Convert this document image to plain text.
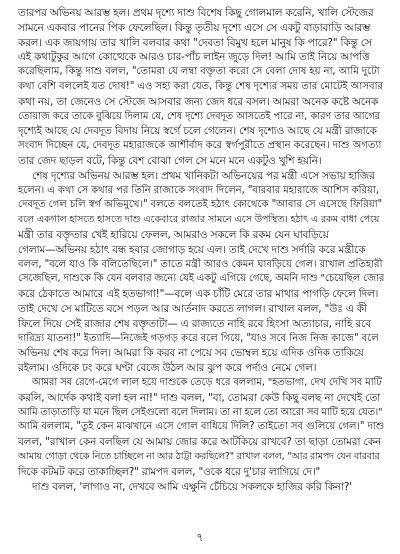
তারপর অভিনয় আরম্ভ হল। প্রথম দৃশ্যে দাশু বিশেষ কিছু গোলমাল করেনি, খালি স্টেজের
সামনে একবার পানের পিক ফেলেছিল। কিন্তু তৃতীয় দৃশ্যে এসে সে একটু বাড়াবাড়ি আরম্ভ
করল। এক জায়গায় তার খালি বলবার কথা "দেবতা বিমুখ হলে মানুষ কি পারে?" কিন্তু সে
এই কথাটুকুর আগে কোত্থেকে আরও চার-পাঁচ লাইন জুড়ে দিল! আমি তাই নিয়ে আপত্তি
করেছিলাম, কিন্তু দাশু বলল, "তোমরা যে লম্বা বক্তৃতা করো সে বেলা দোষ হয় না, আমি দুটো
কথা বেশি বললেই যত দোষ!" এও সহ্য করা যেত, কিন্তু শেষ দৃশ্যের সময় তার মোটেই আসবার
কথা নয়, তা জেনেও সে স্টেজে আসবার জন্য জেদ ধরে বসল। আমরা অনেক কষ্টে অনেক
তোয়াজ করে তাকে বুঝিয়ে দিলাম যে, শেষ দৃশ্যে দেবদূত আসতেই পারে না, কারণ তার আগের
দৃশ্যেই আছে যে দেবদূত বিদায় নিয়ে স্বর্গে চলে গেলেন। শেষ দৃশ্যেও আছে যে মন্ত্রী রাজাকে
সংবাদ দিচ্ছেন যে, দেবদূত মহারাজকে আশীর্বাদ করে স্বর্গপুরীতে প্রস্থান করেছেন। দাশু অগত্যা
তার জেদ ছাড়ল বটে, কিন্তু বেশ বোঝা গেল সে মনে মনে একটুও খুশি হয়নি।
শেষ দৃশ্যের অভিনয় আরম্ভ হল। প্রথম খানিকটা অভিনয়ের পর মন্ত্রী এসে সভায় হাজির
হলেন। এ কথা সে কথার পর তিনি রাজাকে সংবাদ দিলেন, "বারবার মহারাজে আশিস করিয়া,
দেবদূত গেল চলি স্বর্গ অভিমুখে।" বলতে বলতেই হঠাৎ কোথেকে "আবার সে এসেছে ফিরিয়া"
বলে একগাল হাসতে হাসতে দাশু একেবারে রাজার সামনে এসে উপস্থিত। হঠাৎ এ রকম বাধা পেয়ে
মন্ত্রী তার বক্তৃতার খেই হারিয়ে ফেলল, আমরাও সকলে কি রকম যেন ঘাবড়িয়ে
গেলাম—অভিনয় হঠাৎ বন্ধ হবার জোগাড় হয়ে এল। তাই দেখে দাশু সর্দারি করে মন্ত্রীকে
বলল, "বলে যাও কি বলিতেছিলে।" তাতে মন্ত্রী আরও কেমন ঘাবড়িয়ে গেল। রাখাল প্রতিহারী
সেজেছিল, দাশুকে কি যেন বলবার জন্যে যেই একটু এগিয়ে গেছে, অমনি দাশু "চেয়েছিল জোর
করে ঠেকাতে আমারে এই হতভাগা!"—বলে এক চাঁটি মেরে তার মাথার পাগড়ি ফেলে দিল।
তাই দেখে সে মাটিতে বসে পড়ল আর আর্তনাদ করতে লাগল। রাখাল বলল, "উঃ এ কী
ফিলে দিয়ে সেই রাজার শেষ বক্তৃতাটা— এ রাজ্যতে নাহি রবে হিংসা অত্যাচার, নাহি রবে
দারিদ্র্য যাতনা!" ইত্যাদি—নিজেই গড়গড় করে বলে গিয়ে, "যাও সবে নিজ নিজ কাজে" বলে
অভিনয় শেষ করে দিল। আমরা কি করব না পেয়ে সব ভোম্বল হয়ে এদিক ওদিক তাকিয়ে
রইলাম। ওদিকে ঢং করে ঘণ্টা বেজে উঠল আর ঝুপ করে পর্দাও নেমে গেল।
আমরা সব রেগে-মেগে লাল হয়ে দাশুকে তেড়ে ধরে বললাম, "হতভাগা, দেখ দেখি সব মাটি
করলি, আর্দেক কথাই বলা হল না!" দাশু বলল, "বা, তোমরা কেউ কিছু বলছ না দেখেই তো
আমি তাড়াতাড়ি যা মনে ছিল সেইগুলো বলে দিলাম। তা না হলে তো আরো সব মাটি হয়ে যেত।"
আমি বললাম, "তুই কেন মাঝখানে এসে গোল বাধিয়ে দিলি? তাইতো সব গুলিয়ে গেল।" দাশু
বলল, "রাখাল কেন বলছিল যে আমায় জোর করে আটকিয়ে রাখবে? তা ছাড়া তোমরা কেন
আমায় গোড়া থেকে নিতে চাচ্ছিলে না আর ঠাট্টা করছিলে?" রাখাল বলল, "আর রামপদ যেন বারবার
দিকে কটমট করে তাকাচ্ছিল?" রামপদ বলল, "ওকে ধরে দু'চার লাগিয়ে দে।"
দাশু বলল, 'লাগাও না, দেখবে আমি এক্ষুনি চেঁচিয়ে সকলকে হাজির করি কিনা?'
৭
